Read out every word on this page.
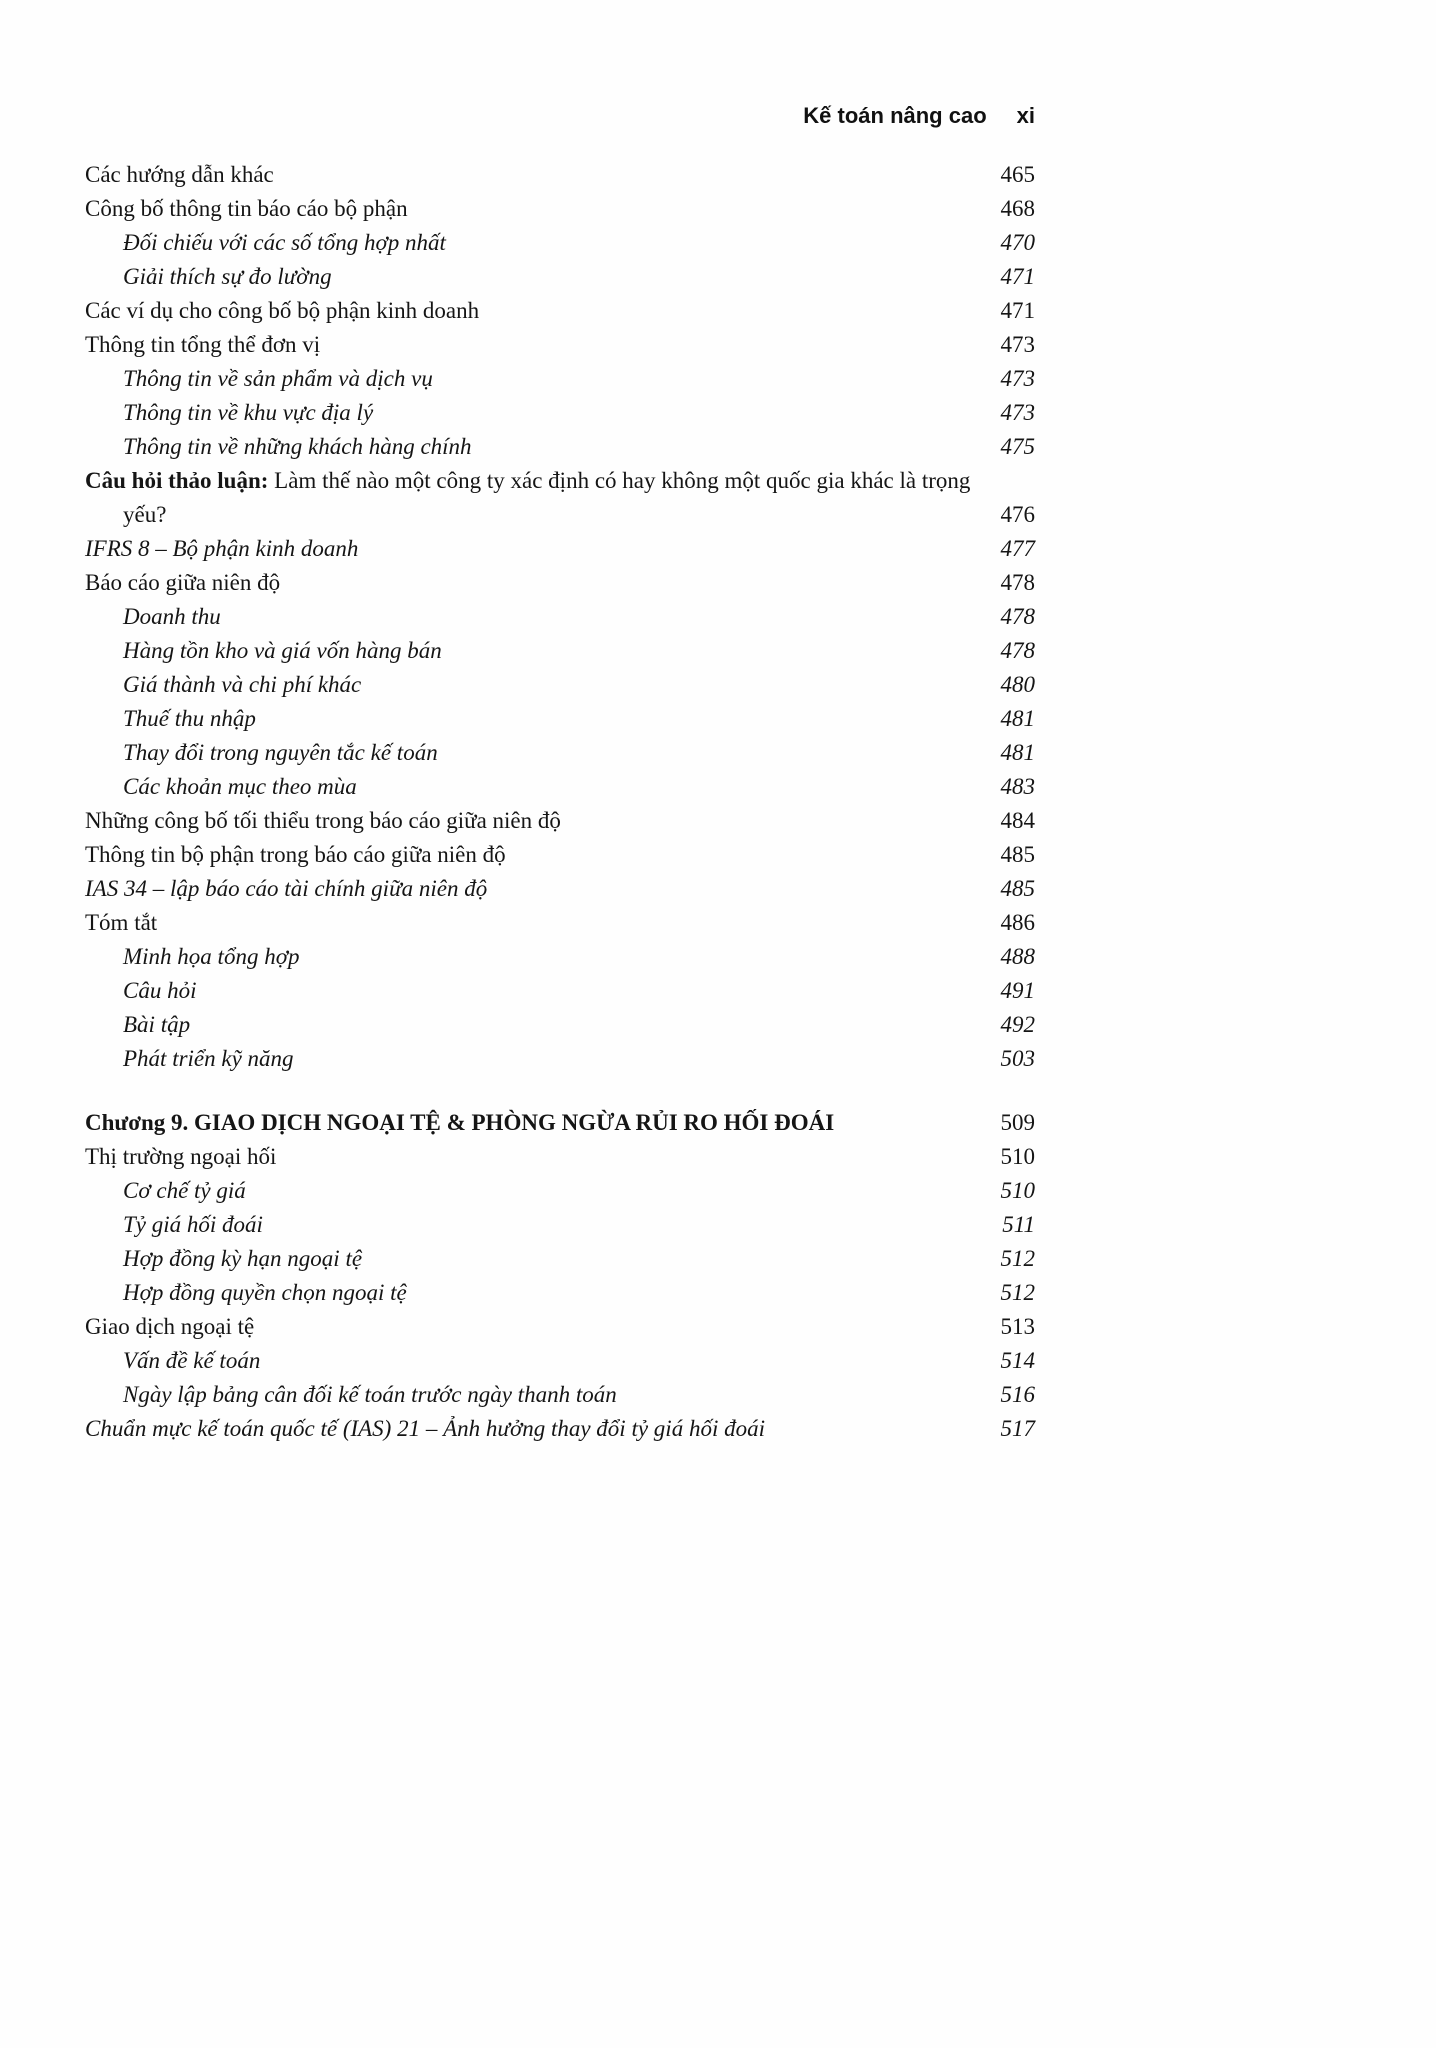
Kế toán nâng cao xi
Các hướng dẫn khác	465
Công bố thông tin báo cáo bộ phận	468
Đối chiếu với các số tổng hợp nhất	470
Giải thích sự đo lường	471
Các ví dụ cho công bố bộ phận kinh doanh	471
Thông tin tổng thể đơn vị	473
Thông tin về sản phẩm và dịch vụ	473
Thông tin về khu vực địa lý	473
Thông tin về những khách hàng chính	475
Câu hỏi thảo luận: Làm thế nào một công ty xác định có hay không một quốc gia khác là trọng yếu?	476
IFRS 8 – Bộ phận kinh doanh	477
Báo cáo giữa niên độ	478
Doanh thu	478
Hàng tồn kho và giá vốn hàng bán	478
Giá thành và chi phí khác	480
Thuế thu nhập	481
Thay đổi trong nguyên tắc kế toán	481
Các khoản mục theo mùa	483
Những công bố tối thiểu trong báo cáo giữa niên độ	484
Thông tin bộ phận trong báo cáo giữa niên độ	485
IAS 34 – lập báo cáo tài chính giữa niên độ	485
Tóm tắt	486
Minh họa tổng hợp	488
Câu hỏi	491
Bài tập	492
Phát triển kỹ năng	503
Chương 9. GIAO DỊCH NGOẠI TỆ & PHÒNG NGỪA RỦI RO HỐI ĐOÁI	509
Thị trường ngoại hối	510
Cơ chế tỷ giá	510
Tỷ giá hối đoái	511
Hợp đồng kỳ hạn ngoại tệ	512
Hợp đồng quyền chọn ngoại tệ	512
Giao dịch ngoại tệ	513
Vấn đề kế toán	514
Ngày lập bảng cân đối kế toán trước ngày thanh toán	516
Chuẩn mực kế toán quốc tế (IAS) 21 – Ảnh hưởng thay đổi tỷ giá hối đoái	517
